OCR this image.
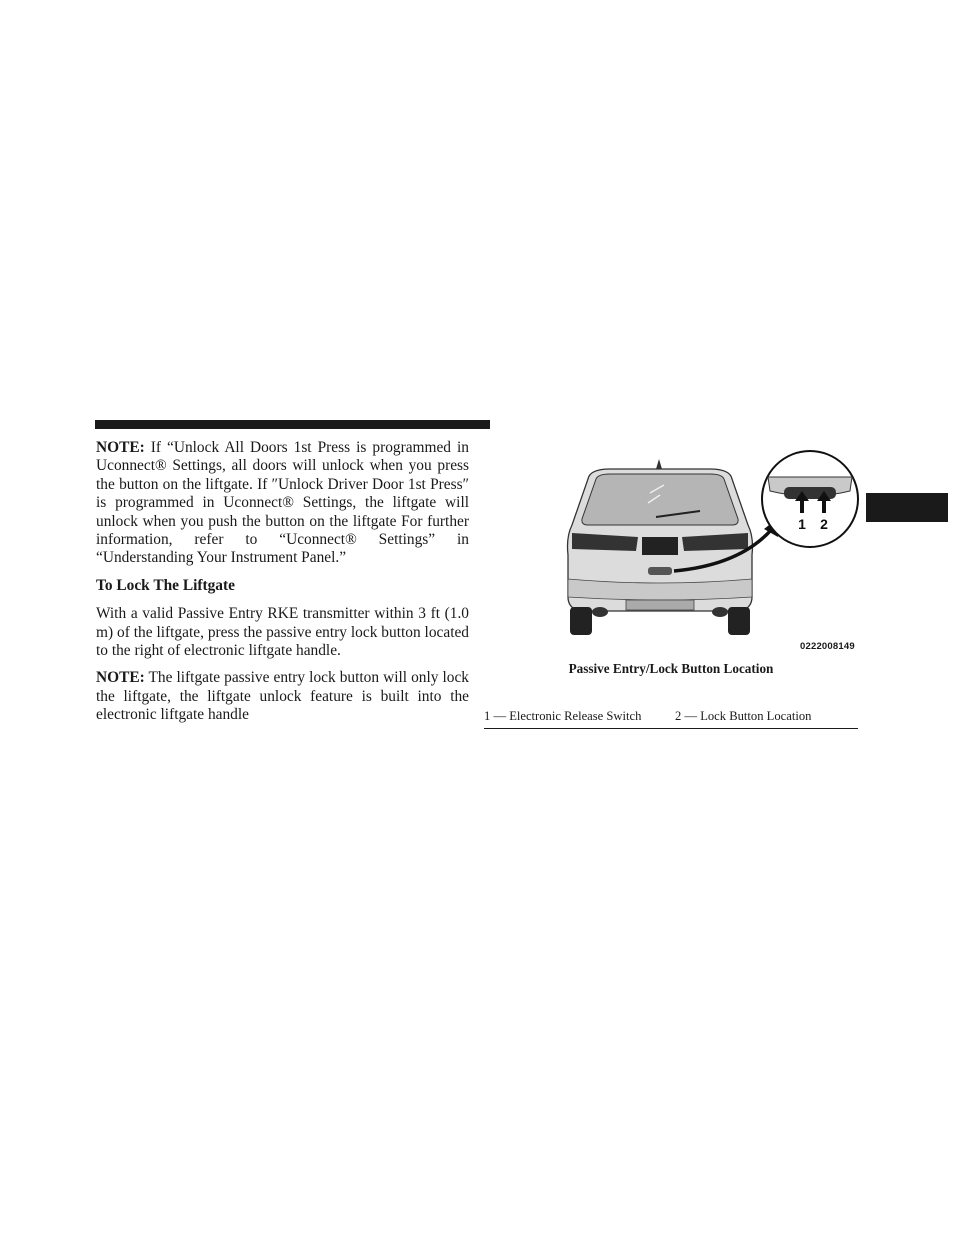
NOTE: If “Unlock All Doors 1st Press is programmed in Uconnect® Settings, all doors will unlock when you press the button on the liftgate. If ″Unlock Driver Door 1st Press″ is programmed in Uconnect® Settings, the liftgate will unlock when you push the button on the liftgate For further information, refer to “Uconnect® Settings” in “Understanding Your Instrument Panel.”

To Lock The Liftgate

With a valid Passive Entry RKE transmitter within 3 ft (1.0 m) of the liftgate, press the passive entry lock button located to the right of electronic liftgate handle.

NOTE: The liftgate passive entry lock button will only lock the liftgate, the liftgate unlock feature is built into the electronic liftgate handle

1 2
0222008149
Passive Entry/Lock Button Location
1 — Electronic Release Switch	2 — Lock Button Location
